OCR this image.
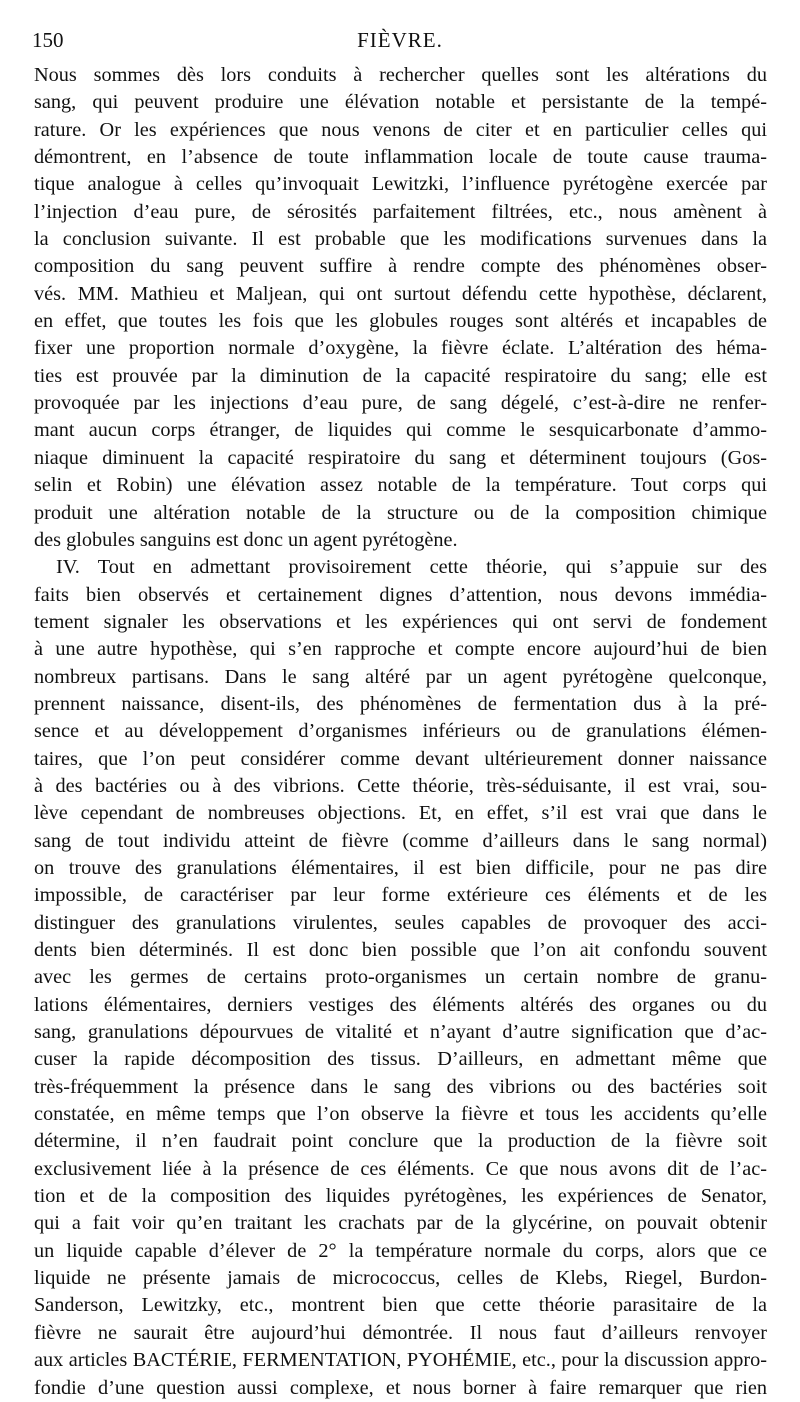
150	FIÈVRE.
Nous sommes dès lors conduits à rechercher quelles sont les altérations du
sang, qui peuvent produire une élévation notable et persistante de la tempé-
rature. Or les expériences que nous venons de citer et en particulier celles qui
démontrent, en l’absence de toute inflammation locale de toute cause trauma-
tique analogue à celles qu’invoquait Lewitzki, l’influence pyrétogène exercée par
l’injection d’eau pure, de sérosités parfaitement filtrées, etc., nous amènent à
la conclusion suivante. Il est probable que les modifications survenues dans la
composition du sang peuvent suffire à rendre compte des phénomènes obser-
vés. MM. Mathieu et Maljean, qui ont surtout défendu cette hypothèse, déclarent,
en effet, que toutes les fois que les globules rouges sont altérés et incapables de
fixer une proportion normale d’oxygène, la fièvre éclate. L’altération des héma-
ties est prouvée par la diminution de la capacité respiratoire du sang; elle est
provoquée par les injections d’eau pure, de sang dégelé, c’est-à-dire ne renfer-
mant aucun corps étranger, de liquides qui comme le sesquicarbonate d’ammo-
niaque diminuent la capacité respiratoire du sang et déterminent toujours (Gos-
selin et Robin) une élévation assez notable de la température. Tout corps qui
produit une altération notable de la structure ou de la composition chimique
des globules sanguins est donc un agent pyrétogène.
IV. Tout en admettant provisoirement cette théorie, qui s’appuie sur des
faits bien observés et certainement dignes d’attention, nous devons immédia-
tement signaler les observations et les expériences qui ont servi de fondement
à une autre hypothèse, qui s’en rapproche et compte encore aujourd’hui de bien
nombreux partisans. Dans le sang altéré par un agent pyrétogène quelconque,
prennent naissance, disent-ils, des phénomènes de fermentation dus à la pré-
sence et au développement d’organismes inférieurs ou de granulations élémen-
taires, que l’on peut considérer comme devant ultérieurement donner naissance
à des bactéries ou à des vibrions. Cette théorie, très-séduisante, il est vrai, sou-
lève cependant de nombreuses objections. Et, en effet, s’il est vrai que dans le
sang de tout individu atteint de fièvre (comme d’ailleurs dans le sang normal)
on trouve des granulations élémentaires, il est bien difficile, pour ne pas dire
impossible, de caractériser par leur forme extérieure ces éléments et de les
distinguer des granulations virulentes, seules capables de provoquer des acci-
dents bien déterminés. Il est donc bien possible que l’on ait confondu souvent
avec les germes de certains proto-organismes un certain nombre de granu-
lations élémentaires, derniers vestiges des éléments altérés des organes ou du
sang, granulations dépourvues de vitalité et n’ayant d’autre signification que d’ac-
cuser la rapide décomposition des tissus. D’ailleurs, en admettant même que
très-fréquemment la présence dans le sang des vibrions ou des bactéries soit
constatée, en même temps que l’on observe la fièvre et tous les accidents qu’elle
détermine, il n’en faudrait point conclure que la production de la fièvre soit
exclusivement liée à la présence de ces éléments. Ce que nous avons dit de l’ac-
tion et de la composition des liquides pyrétogènes, les expériences de Senator,
qui a fait voir qu’en traitant les crachats par de la glycérine, on pouvait obtenir
un liquide capable d’élever de 2° la température normale du corps, alors que ce
liquide ne présente jamais de micrococcus, celles de Klebs, Riegel, Burdon-
Sanderson, Lewitzky, etc., montrent bien que cette théorie parasitaire de la
fièvre ne saurait être aujourd’hui démontrée. Il nous faut d’ailleurs renvoyer
aux articles BACTÉRIE, FERMENTATION, PYOHÉMIE, etc., pour la discussion appro-
fondie d’une question aussi complexe, et nous borner à faire remarquer que rien
